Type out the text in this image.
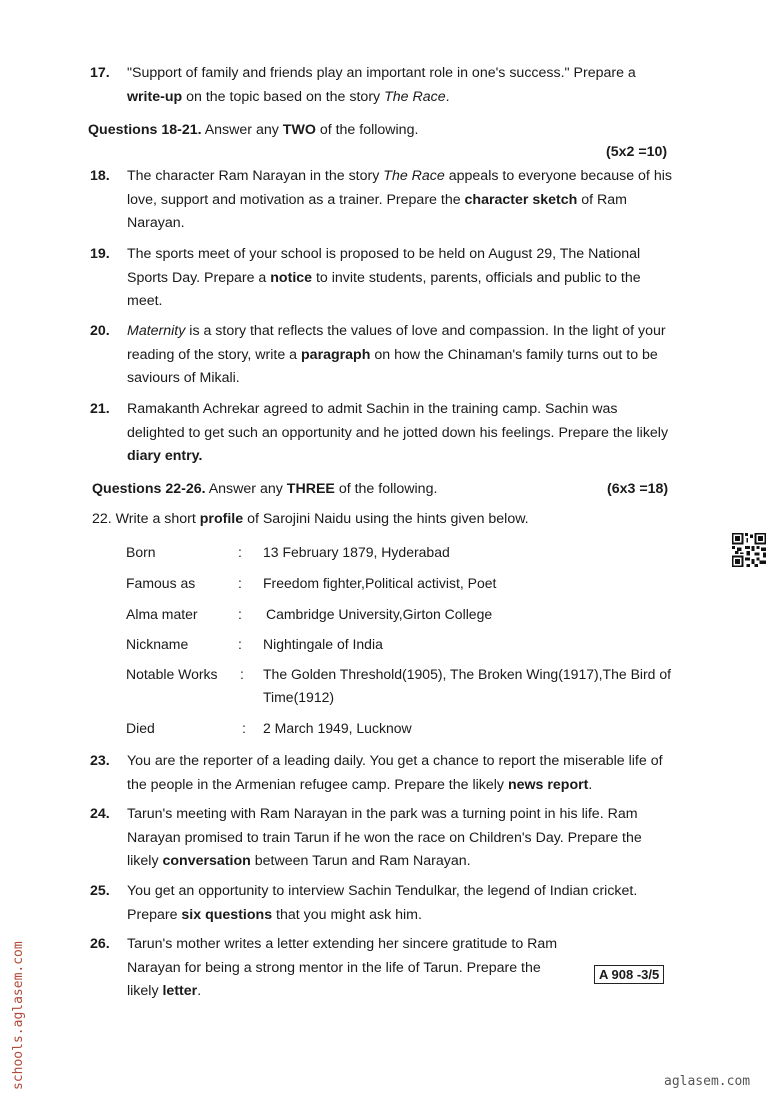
17. "Support of family and friends play an important role in one's success." Prepare a write-up on the topic based on the story The Race.
Questions 18-21. Answer any TWO of the following.
(5x2 =10)
18. The character Ram Narayan in the story The Race appeals to everyone because of his love, support and motivation as a trainer. Prepare the character sketch of Ram Narayan.
19. The sports meet of your school is proposed to be held on August 29, The National Sports Day. Prepare a notice to invite students, parents, officials and public to the meet.
20. Maternity is a story that reflects the values of love and compassion. In the light of your reading of the story, write a paragraph on how the Chinaman's family turns out to be saviours of Mikali.
21. Ramakanth Achrekar agreed to admit Sachin in the training camp. Sachin was delighted to get such an opportunity and he jotted down his feelings. Prepare the likely diary entry.
Questions 22-26. Answer any THREE of the following.	(6x3 =18)
22. Write a short profile of Sarojini Naidu using the hints given below.
Born	: 13 February 1879, Hyderabad
Famous as	: Freedom fighter,Political activist, Poet
Alma mater	: Cambridge University,Girton College
Nickname	: Nightingale of India
Notable Works : The Golden Threshold(1905), The Broken Wing(1917),The Bird of Time(1912)
Died	: 2 March 1949, Lucknow
23. You are the reporter of a leading daily. You get a chance to report the miserable life of the people in the Armenian refugee camp. Prepare the likely news report.
24. Tarun's meeting with Ram Narayan in the park was a turning point in his life. Ram Narayan promised to train Tarun if he won the race on Children's Day. Prepare the likely conversation between Tarun and Ram Narayan.
25. You get an opportunity to interview Sachin Tendulkar, the legend of Indian cricket. Prepare six questions that you might ask him.
26. Tarun's mother writes a letter extending her sincere gratitude to Ram Narayan for being a strong mentor in the life of Tarun. Prepare the likely letter.
A 908 -3/5
schools.aglasem.com	aglasem.com
